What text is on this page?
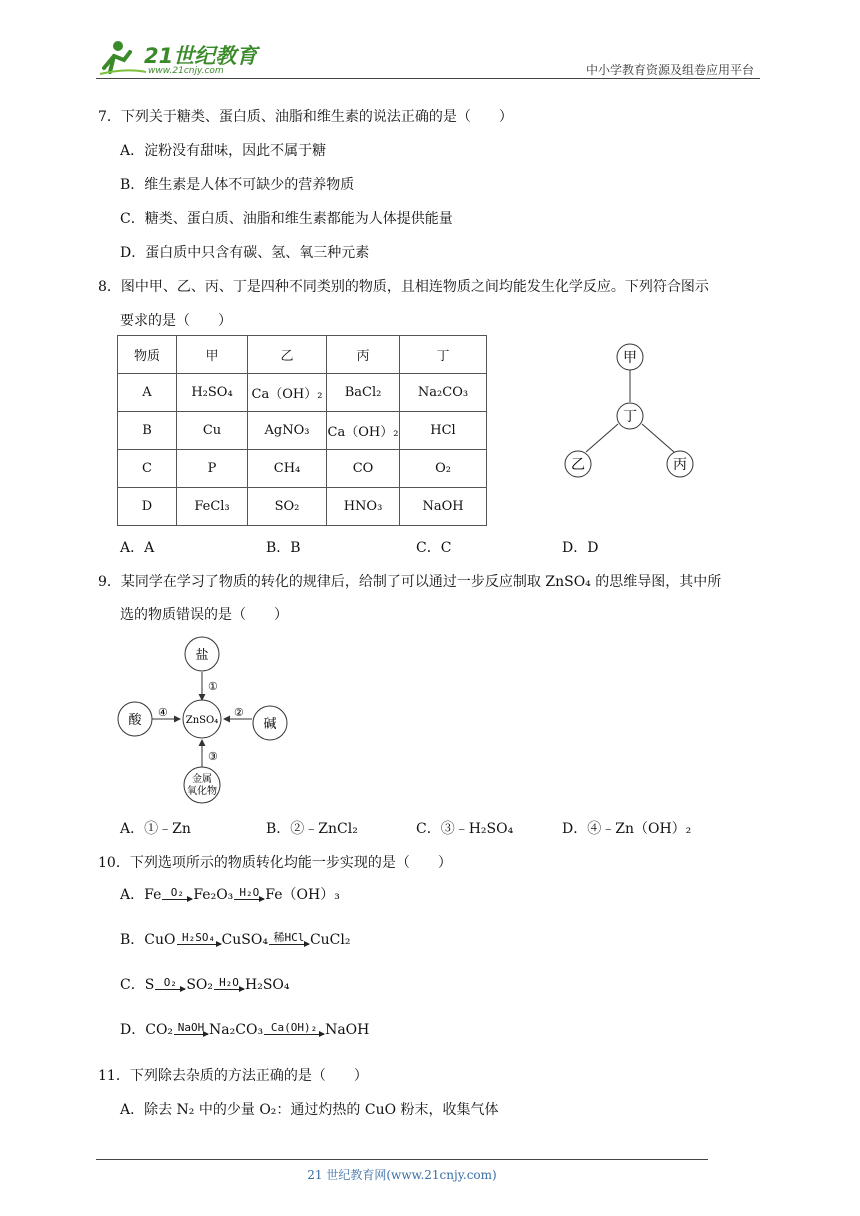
21世纪教育
www.21cnjy.com	中小学教育资源及组卷应用平台
7．下列关于糖类、蛋白质、油脂和维生素的说法正确的是（　　）
A．淀粉没有甜味，因此不属于糖
B．维生素是人体不可缺少的营养物质
C．糖类、蛋白质、油脂和维生素都能为人体提供能量
D．蛋白质中只含有碳、氢、氧三种元素
8．图中甲、乙、丙、丁是四种不同类别的物质，且相连物质之间均能发生化学反应。下列符合图示
要求的是（　　）
物质	甲	乙	丙	丁
A	H₂SO₄	Ca（OH）₂	BaCl₂	Na₂CO₃
B	Cu	AgNO₃	Ca（OH）₂	HCl
C	P	CH₄	CO	O₂
D	FeCl₃	SO₂	HNO₃	NaOH
甲
丁
乙	丙
A．A	B．B	C．C	D．D
9．某同学在学习了物质的转化的规律后，给制了可以通过一步反应制取 ZnSO₄ 的思维导图，其中所
选的物质错误的是（　　）
盐
ZnSO₄
酸	碱
金属
氧化物
①
②
③
④
A．①﹣Zn	B．②﹣ZnCl₂	C．③﹣H₂SO₄	D．④﹣Zn（OH）₂
10．下列选项所示的物质转化均能一步实现的是（　　）
A．Fe O₂ Fe₂O₃ H₂O Fe（OH）₃
B．CuO H₂SO₄ CuSO₄ 稀HCl CuCl₂
C．S O₂ SO₂ H₂O H₂SO₄
D．CO₂ NaOH Na₂CO₃ Ca(OH)₂ NaOH
11．下列除去杂质的方法正确的是（　　）
A．除去 N₂ 中的少量 O₂：通过灼热的 CuO 粉末，收集气体
21 世纪教育网(www.21cnjy.com)
